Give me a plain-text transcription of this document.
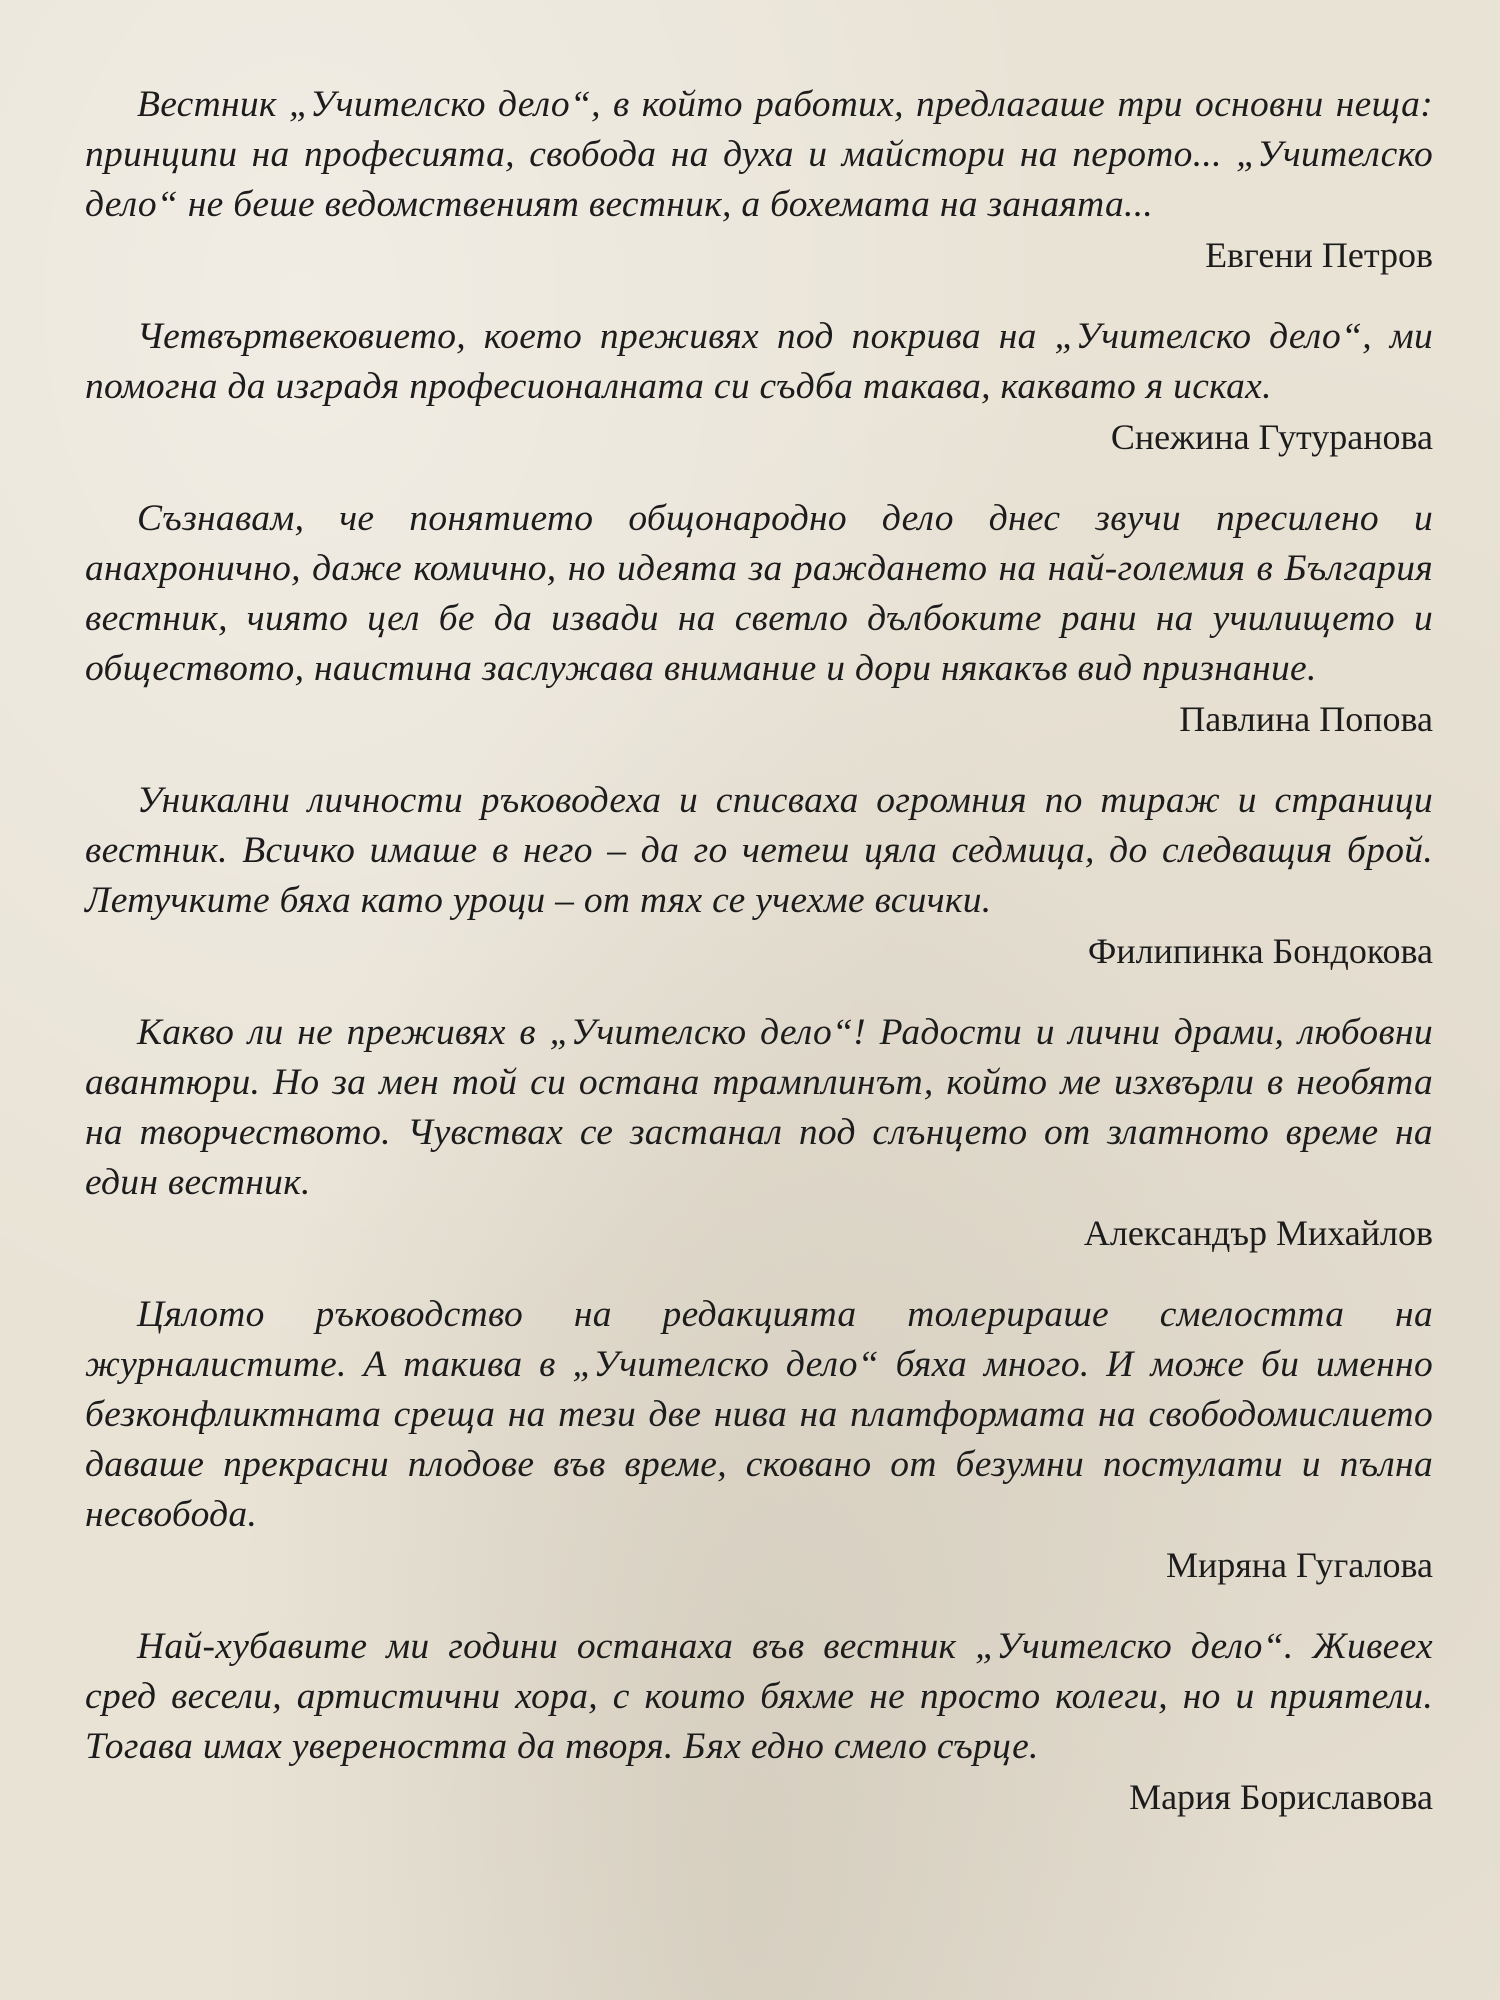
Вестник „Учителско дело“, в който работих, предлагаше три основни неща: принципи на професията, свобода на духа и майстори на перото... „Учителско дело“ не беше ведомственият вестник, а бохемата на занаята...

Евгени Петров

Четвъртвековието, което преживях под покрива на „Учителско дело“, ми помогна да изградя професионалната си съдба такава, каквато я исках.

Снежина Гутуранова

Съзнавам, че понятието общонародно дело днес звучи пресилено и анахронично, даже комично, но идеята за раждането на най-големия в България вестник, чиято цел бе да извади на светло дълбоките рани на училището и обществото, наистина заслужава внимание и дори някакъв вид признание.

Павлина Попова

Уникални личности ръководеха и списваха огромния по тираж и страници вестник. Всичко имаше в него – да го четеш цяла седмица, до следващия брой. Летучките бяха като уроци – от тях се учехме всички.

Филипинка Бондокова

Какво ли не преживях в „Учителско дело“! Радости и лични драми, любовни авантюри. Но за мен той си остана трамплинът, който ме изхвърли в необята на творчеството. Чувствах се застанал под слънцето от златното време на един вестник.

Александър Михайлов

Цялото ръководство на редакцията толерираше смелостта на журналистите. А такива в „Учителско дело“ бяха много. И може би именно безконфликтната среща на тези две нива на платформата на свободомислието даваше прекрасни плодове във време, сковано от безумни постулати и пълна несвобода.

Миряна Гугалова

Най-хубавите ми години останаха във вестник „Учителско дело“. Живеех сред весели, артистични хора, с които бяхме не просто колеги, но и приятели. Тогава имах увереността да творя. Бях едно смело сърце.

Мария Бориславова
